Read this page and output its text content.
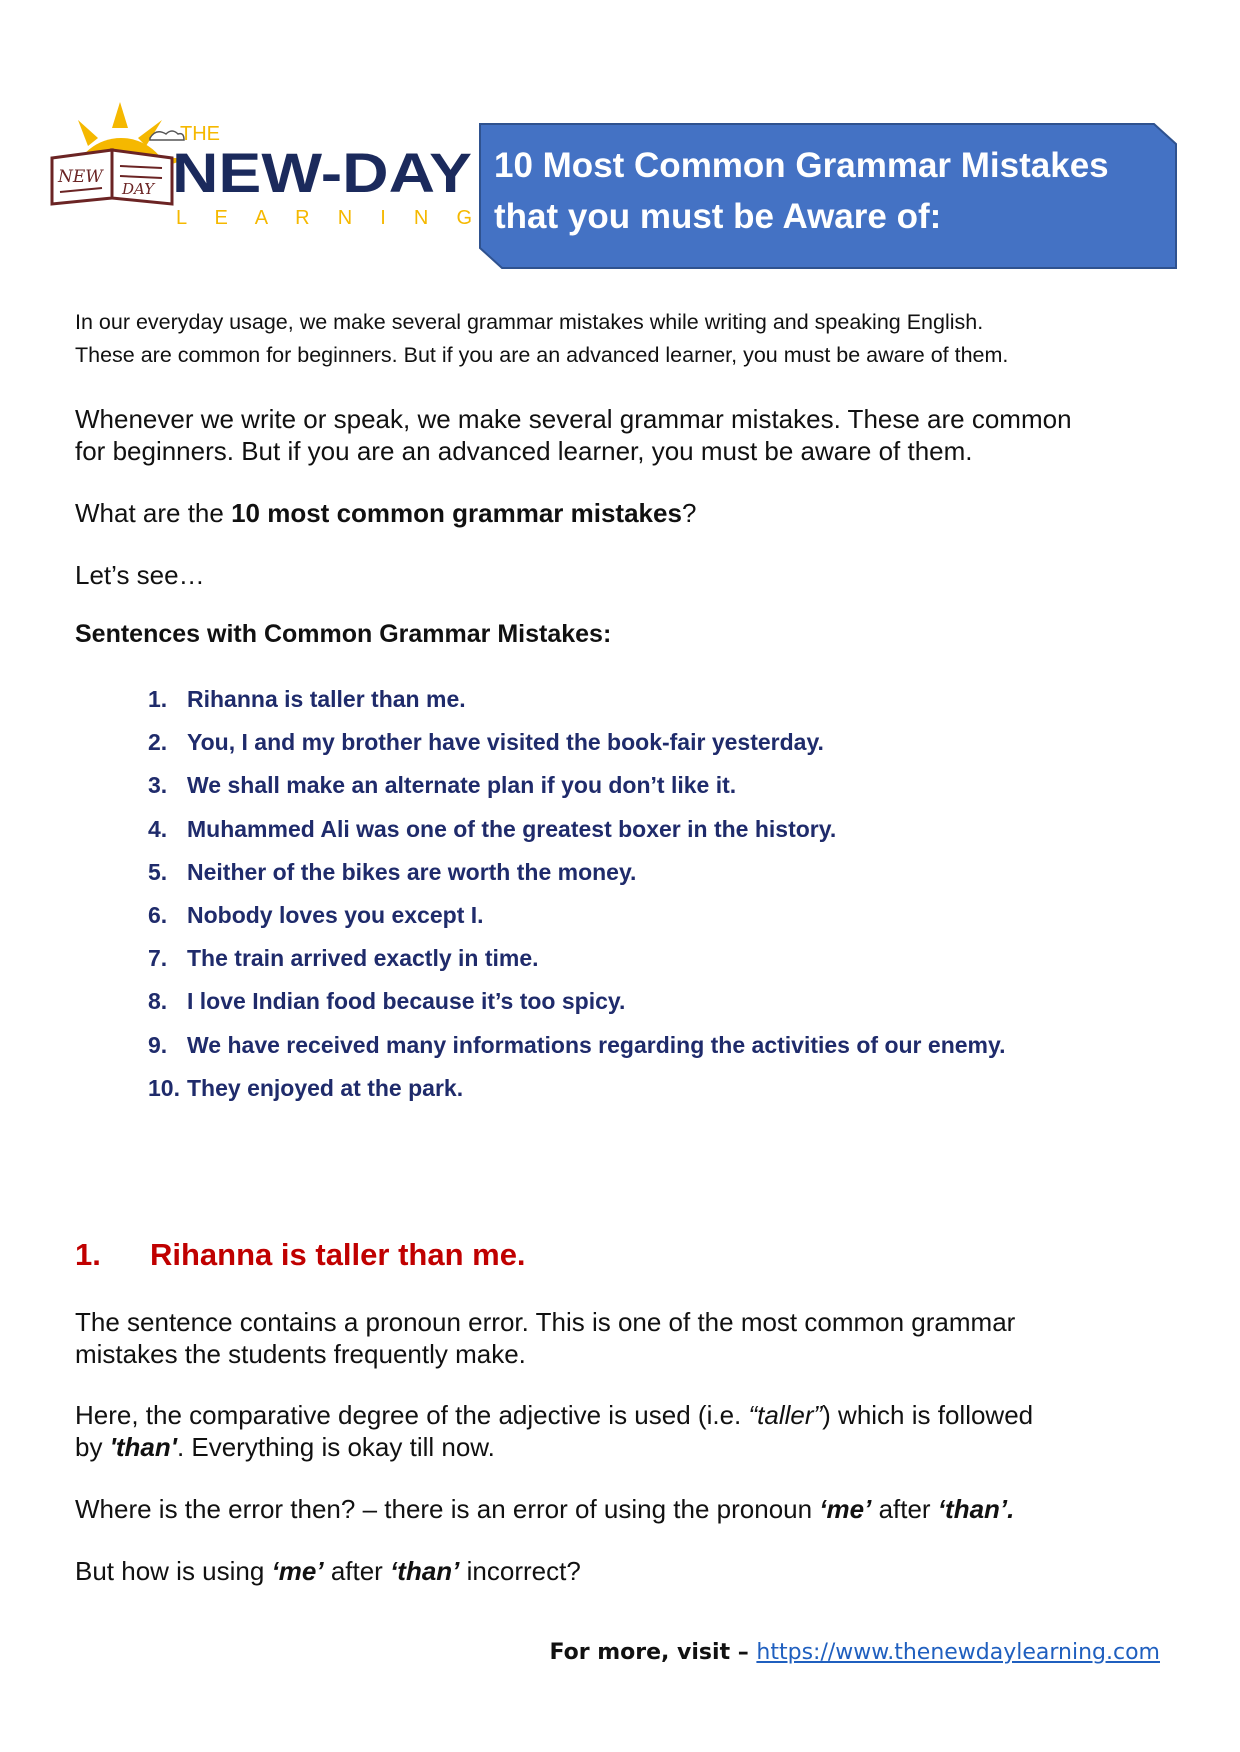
NEW
DAY
THE
NEW-DAY
L E A R N I N G
10 Most Common Grammar Mistakes
that you must be Aware of:
In our everyday usage, we make several grammar mistakes while writing and speaking English.
These are common for beginners. But if you are an advanced learner, you must be aware of them.

Whenever we write or speak, we make several grammar mistakes. These are common
for beginners. But if you are an advanced learner, you must be aware of them.

What are the 10 most common grammar mistakes?

Let’s see…

Sentences with Common Grammar Mistakes:
1. Rihanna is taller than me.
2. You, I and my brother have visited the book-fair yesterday.
3. We shall make an alternate plan if you don’t like it.
4. Muhammed Ali was one of the greatest boxer in the history.
5. Neither of the bikes are worth the money.
6. Nobody loves you except I.
7. The train arrived exactly in time.
8. I love Indian food because it’s too spicy.
9. We have received many informations regarding the activities of our enemy.
10. They enjoyed at the park.
1. Rihanna is taller than me.

The sentence contains a pronoun error. This is one of the most common grammar
mistakes the students frequently make.

Here, the comparative degree of the adjective is used (i.e. “taller”) which is followed
by 'than'. Everything is okay till now.

Where is the error then? – there is an error of using the pronoun ‘me’ after ‘than’.

But how is using ‘me’ after ‘than’ incorrect?

For more, visit – https://www.thenewdaylearning.com
